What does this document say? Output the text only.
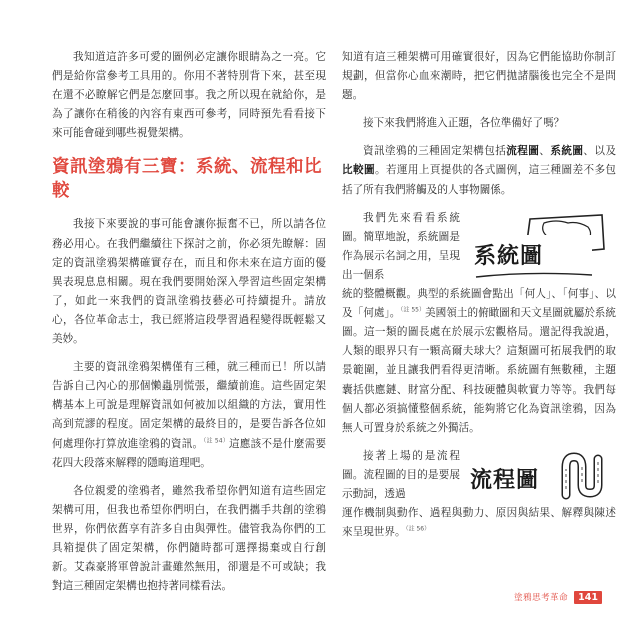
我知道這許多可愛的圖例必定讓你眼睛為之一亮。它們是給你當參考工具用的。你用不著特別背下來，甚至現在還不必瞭解它們是怎麼回事。我之所以現在就給你，是為了讓你在稍後的內容有東西可參考，同時預先看看接下來可能會碰到哪些視覺架構。

資訊塗鴉有三寶：系統、流程和比較

我接下來要說的事可能會讓你振奮不已，所以請各位務必用心。在我們繼續往下探討之前，你必須先瞭解：固定的資訊塗鴉架構確實存在，而且和你未來在這方面的優異表現息息相關。現在我們要開始深入學習這些固定架構了，如此一來我們的資訊塗鴉技藝必可持續提升。請放心，各位革命志士，我已經將這段學習過程變得既輕鬆又美妙。

主要的資訊塗鴉架構僅有三種，就三種而已！所以請告訴自己內心的那個懶蟲別慌張，繼續前進。這些固定架構基本上可說是理解資訊如何被加以組織的方法，實用性高到荒謬的程度。固定架構的最終目的，是要告訴各位如何處理你打算放進塗鴉的資訊。$^{(註 54)}$這應該不是什麼需要花四大段落來解釋的隱晦道理吧。

各位親愛的塗鴉者，雖然我希望你們知道有這些固定架構可用，但我也希望你們明白，在我們攜手共創的塗鴉世界，你們依舊享有許多自由與彈性。儘管我為你們的工具箱提供了固定架構，你們隨時都可選擇揚棄或自行創新。艾森豪將軍曾說計畫雖然無用，卻還是不可或缺；我對這三種固定架構也抱持著同樣看法。

知道有這三種架構可用確實很好，因為它們能協助你制訂規劃，但當你心血來潮時，把它們拋諸腦後也完全不是問題。

接下來我們將進入正題，各位準備好了嗎？

資訊塗鴉的三種固定架構包括流程圖、系統圖、以及比較圖。若運用上頁提供的各式圖例，這三種圖差不多包括了所有我們將觸及的人事物關係。

我們先來看看系統圖。簡單地說，系統圖是作為展示名詞之用，呈現出一個系

系統圖

統的整體概觀。典型的系統圖會點出「何人」、「何事」、以及「何處」。$^{(註 55)}$美國領土的俯瞰圖和天文星圖就屬於系統圖。這一類的圖長處在於展示宏觀格局。還記得我說過，人類的眼界只有一顆高爾夫球大？這類圖可拓展我們的取景範圍，並且讓我們看得更清晰。系統圖有無數種，主題囊括供應鏈、財富分配、科技硬體與軟實力等等。我們每個人都必須搞懂整個系統，能夠將它化為資訊塗鴉，因為無人可置身於系統之外獨活。

接著上場的是流程圖。流程圖的目的是要展示動詞，透過

流程圖

運作機制與動作、過程與動力、原因與結果、解釋與陳述來呈現世界。$^{(註 56)}$

塗鴉思考革命	141
